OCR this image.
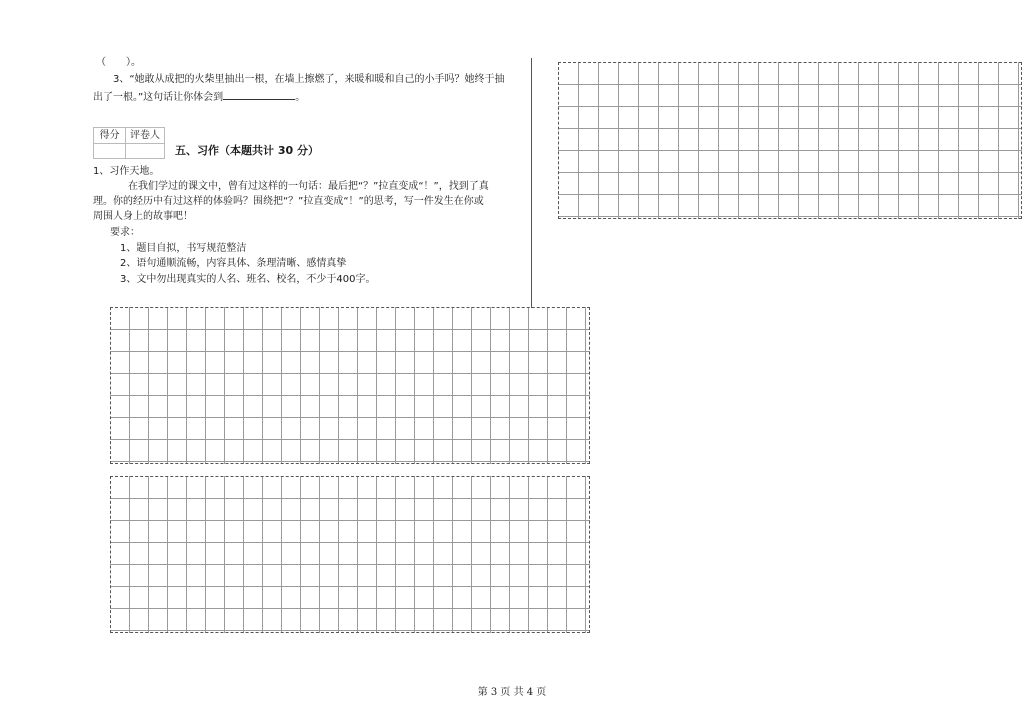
（　　）。
3、“她敢从成把的火柴里抽出一根，在墙上擦燃了，来暖和暖和自己的小手吗？她终于抽
出了一根。”这句话让你体会到	。
得分	评卷人
五、习作（本题共计 30 分）
1、习作天地。
在我们学过的课文中，曾有过这样的一句话：最后把“？”拉直变成“！”，找到了真
理。你的经历中有过这样的体验吗？围绕把“？”拉直变成“！”的思考，写一件发生在你或
周围人身上的故事吧！
要求：
1、题目自拟，书写规范整洁
2、语句通顺流畅，内容具体、条理清晰、感情真挚
3、文中勿出现真实的人名、班名、校名，不少于400字。
第 3 页 共 4 页
